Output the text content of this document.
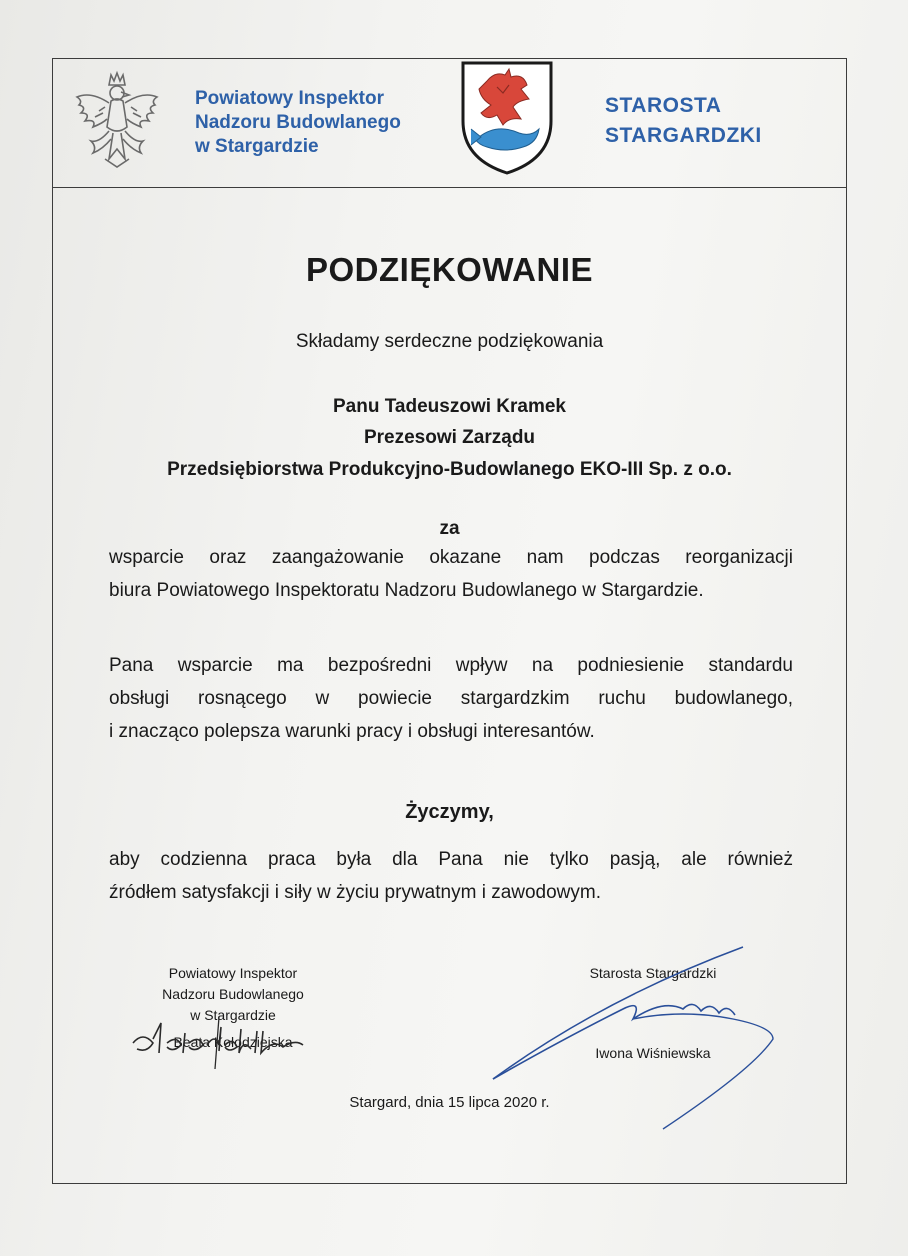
Powiatowy Inspektor
Nadzoru Budowlanego
w Stargardzie
STAROSTA
STARGARDZKI
PODZIĘKOWANIE
Składamy serdeczne podziękowania
Panu Tadeuszowi Kramek
Prezesowi Zarządu
Przedsiębiorstwa Produkcyjno-Budowlanego EKO-III Sp. z o.o.
za
wsparcie oraz zaangażowanie okazane nam podczas reorganizacji
biura Powiatowego Inspektoratu Nadzoru Budowlanego w Stargardzie.
Pana wsparcie ma bezpośredni wpływ na podniesienie standardu
obsługi rosnącego w powiecie stargardzkim ruchu budowlanego,
i znacząco polepsza warunki pracy i obsługi interesantów.
Życzymy,
aby codzienna praca była dla Pana nie tylko pasją, ale również
źródłem satysfakcji i siły w życiu prywatnym i zawodowym.
Powiatowy Inspektor
Nadzoru Budowlanego
w Stargardzie
Beata Kołodziejska
Starosta Stargardzki
Iwona Wiśniewska
Stargard, dnia 15 lipca 2020 r.
